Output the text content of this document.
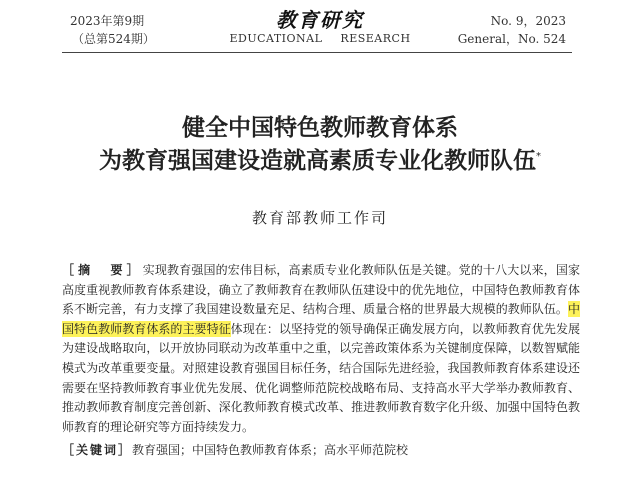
2023年第9期
（总第524期）
教育研究
EDUCATIONAL RESEARCH
No. 9，2023
General，No. 524
健全中国特色教师教育体系
为教育强国建设造就高素质专业化教师队伍*
教育部教师工作司
［摘　要］实现教育强国的宏伟目标，高素质专业化教师队伍是关键。党的十八大以来，国家高度重视教师教育体系建设，确立了教师教育在教师队伍建设中的优先地位，中国特色教师教育体系不断完善，有力支撑了我国建设数量充足、结构合理、质量合格的世界最大规模的教师队伍。中国特色教师教育体系的主要特征体现在：以坚持党的领导确保正确发展方向，以教师教育优先发展为建设战略取向，以开放协同联动为改革重中之重，以完善政策体系为关键制度保障，以数智赋能模式为改革重要变量。对照建设教育强国目标任务，结合国际先进经验，我国教师教育体系建设还需要在坚持教师教育事业优先发展、优化调整师范院校战略布局、支持高水平大学举办教师教育、推动教师教育制度完善创新、深化教师教育模式改革、推进教师教育数字化升级、加强中国特色教师教育的理论研究等方面持续发力。
［关键词］教育强国；中国特色教师教育体系；高水平师范院校
